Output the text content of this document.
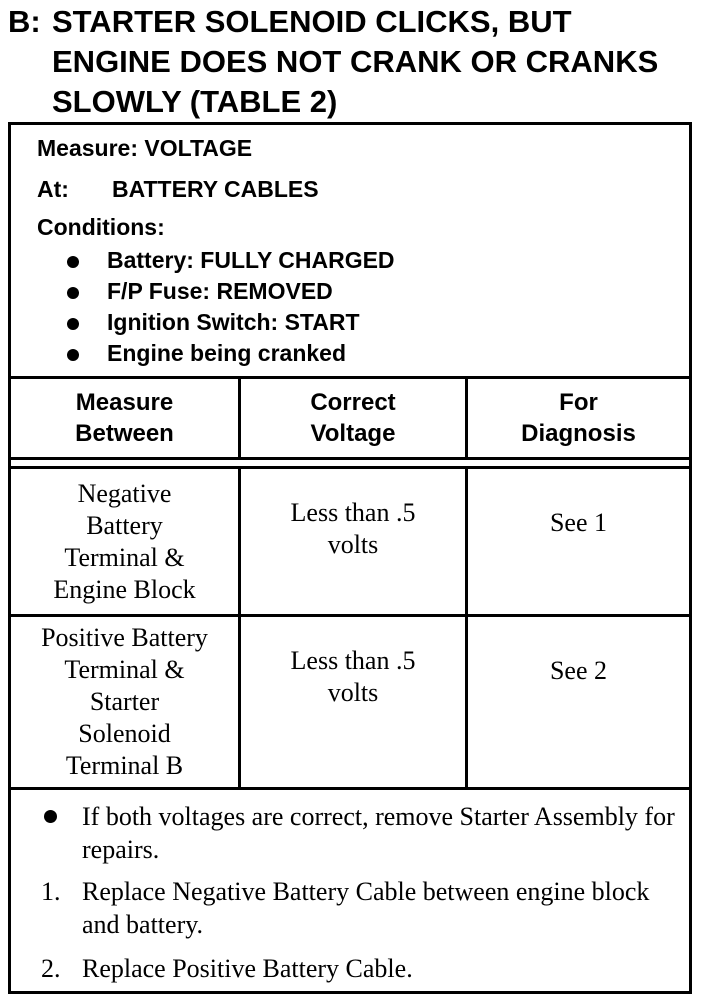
B: STARTER SOLENOID CLICKS, BUT ENGINE DOES NOT CRANK OR CRANKS SLOWLY (TABLE 2)
Measure: VOLTAGE
At: BATTERY CABLES
Conditions:
Battery: FULLY CHARGED
F/P Fuse: REMOVED
Ignition Switch: START
Engine being cranked
Measure
Between
Correct
Voltage
For
Diagnosis
Negative
Battery
Terminal &
Engine Block
Less than .5
volts
See 1
Positive Battery
Terminal &
Starter
Solenoid
Terminal B
Less than .5
volts
See 2
If both voltages are correct, remove Starter Assembly for repairs.
1. Replace Negative Battery Cable between engine block and battery.
2. Replace Positive Battery Cable.
